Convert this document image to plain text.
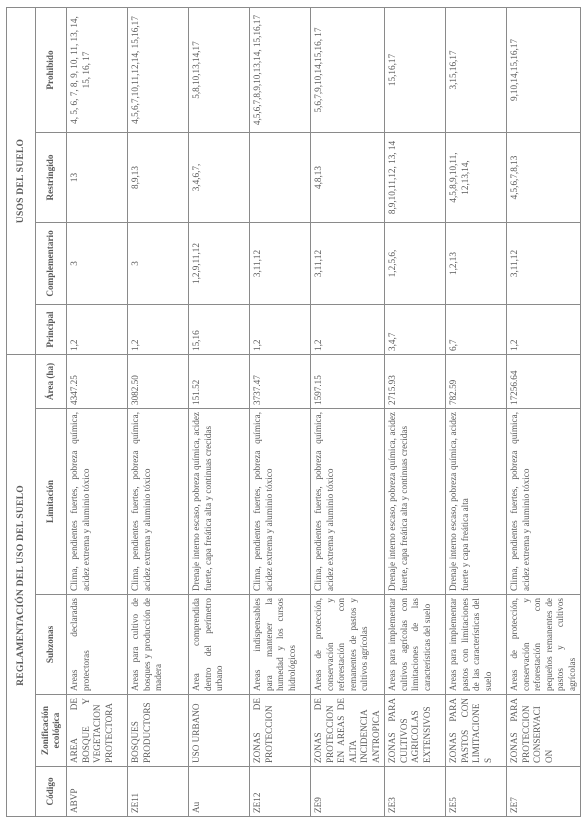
REGLAMENTACIÓN DEL USO DEL SUELO					USOS DEL SUELO			
Código	Zonificación ecológica	Subzonas	Limitación	Área (ha)	Principal	Complementario	Restringido	Prohibido
ABVP	AREA DE BOSQUE Y VEGETACION PROTECTORA	Areas declaradas protectoras	Clima, pendientes fuertes, pobreza química, acidez extrema y aluminio tóxico	4347.25	1,2	3	13	4, 5, 6, 7, 8, 9, 10, 11, 13, 14, 15, 16, 17
ZE11	BOSQUES PRODUCTORS	Areas para cultivo de bosques y producción de madera	Clima, pendientes fuertes, pobreza química, acidez extrema y aluminio tóxico	3082.50	1,2	3	8,9,13	4,5,6,7,10,11,12,14, 15,16,17
Au	USO URBANO	Area comprendida dentro del perímetro urbano	Drenaje interno escaso, pobreza química, acidez fuerte, capa freática alta y continuas crecidas	151.52	15,16	1,2,9,11,12	3,4,6,7,	5,8,10,13,14,17
ZE12	ZONAS DE PROTECCION	Areas indispensables para mantener la humedad y los cursos hidrológicos	Clima, pendientes fuertes, pobreza química, acidez extrema y aluminio tóxico	3737.47	1,2	3,11,12		4,5,6,7,8,9,10,13,14, 15,16,17
ZE9	ZONAS DE PROTECCION EN AREAS DE ALTA INCIDENCIA ANTROPICA	Areas de protección, conservación y reforestación con remanentes de pastos y cultivos agrícolas	Clima, pendientes fuertes, pobreza química, acidez extrema y aluminio tóxico	1597.15	1,2	3,11,12	4,8,13	5,6,7,9,10,14,15,16, 17
ZE3	ZONAS PARA CULTIVOS AGRICOLAS EXTENSIVOS	Areas para implementar cultivos agrícolas con limitaciones de las características del suelo	Drenaje interno escaso, pobreza química, acidez fuerte, capa freática alta y continuas crecidas	2715.93	3,4,7	1,2,5,6,	8,9,10,11,12, 13, 14	15,16,17
ZE5	ZONAS PARA PASTOS CON LIMITACIONE S	Areas para implementar pastos con limitaciones de las características del suelo	Drenaje interno escaso, pobreza química, acidez fuerte y capa freática alta	782.59	6,7	1,2,13	4,5,8,9,10,11, 12,13,14,	3,15,16,17
ZE7	ZONAS PARA PROTECCION CONSERVACI ON	Areas de protección, conservación y reforestación con pequeños remanentes de pastos y cultivos agrícolas	Clima, pendientes fuertes, pobreza química, acidez extrema y aluminio tóxico	17256.64	1,2	3,11,12	4,5,6,7,8,13	9,10,14,15,16,17
